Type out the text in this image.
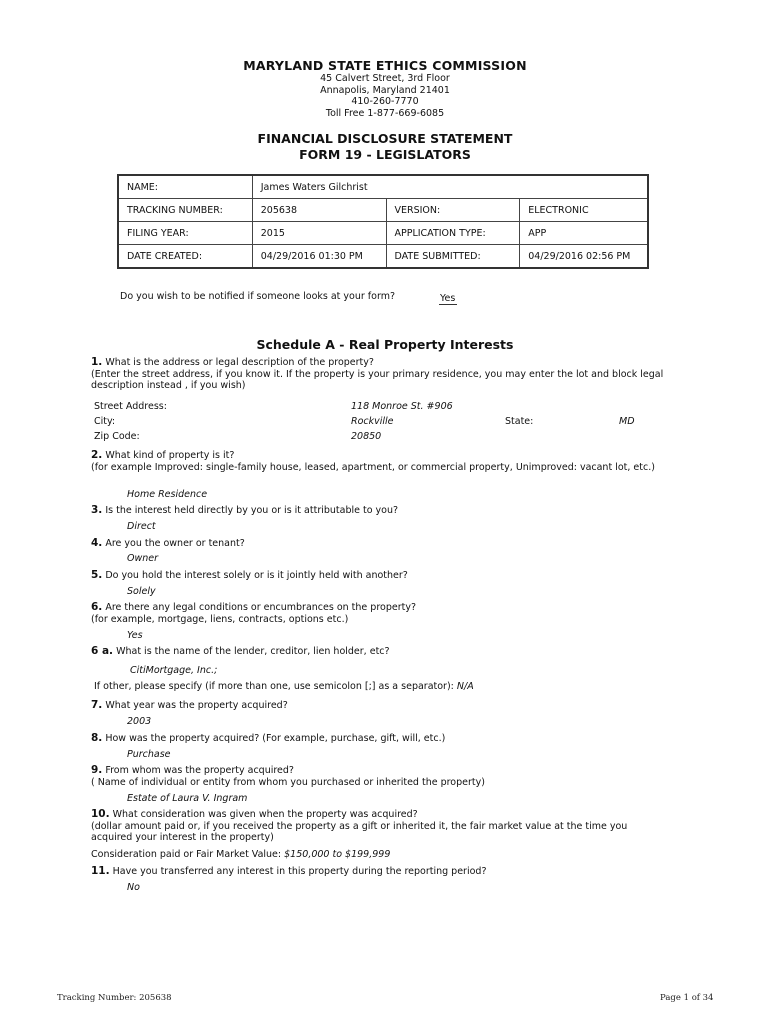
MARYLAND STATE ETHICS COMMISSION
45 Calvert Street, 3rd Floor
Annapolis, Maryland 21401
410-260-7770
Toll Free 1-877-669-6085
FINANCIAL DISCLOSURE STATEMENT
FORM 19 - LEGISLATORS
NAME:	James Waters Gilchrist		
TRACKING NUMBER:	205638	VERSION:	ELECTRONIC
FILING YEAR:	2015	APPLICATION TYPE:	APP
DATE CREATED:	04/29/2016 01:30 PM	DATE SUBMITTED:	04/29/2016 02:56 PM
Do you wish to be notified if someone looks at your form?	Yes
Schedule A - Real Property Interests
1. What is the address or legal description of the property?
(Enter the street address, if you know it. If the property is your primary residence, you may enter the lot and block legal description instead , if you wish)
Street Address:	118 Monroe St. #906
City:	Rockville	State:	MD
Zip Code:	20850
2. What kind of property is it?
(for example Improved: single-family house, leased, apartment, or commercial property, Unimproved: vacant lot, etc.)
Home Residence
3. Is the interest held directly by you or is it attributable to you?
Direct
4. Are you the owner or tenant?
Owner
5. Do you hold the interest solely or is it jointly held with another?
Solely
6. Are there any legal conditions or encumbrances on the property?
(for example, mortgage, liens, contracts, options etc.)
Yes
6 a. What is the name of the lender, creditor, lien holder, etc?
CitiMortgage, Inc.;
If other, please specify (if more than one, use semicolon [;] as a separator): N/A
7. What year was the property acquired?
2003
8. How was the property acquired? (For example, purchase, gift, will, etc.)
Purchase
9. From whom was the property acquired?
( Name of individual or entity from whom you purchased or inherited the property)
Estate of Laura V. Ingram
10. What consideration was given when the property was acquired?
(dollar amount paid or, if you received the property as a gift or inherited it, the fair market value at the time you acquired your interest in the property)
Consideration paid or Fair Market Value: $150,000 to $199,999
11. Have you transferred any interest in this property during the reporting period?
No
Tracking Number: 205638	Page 1 of 34
